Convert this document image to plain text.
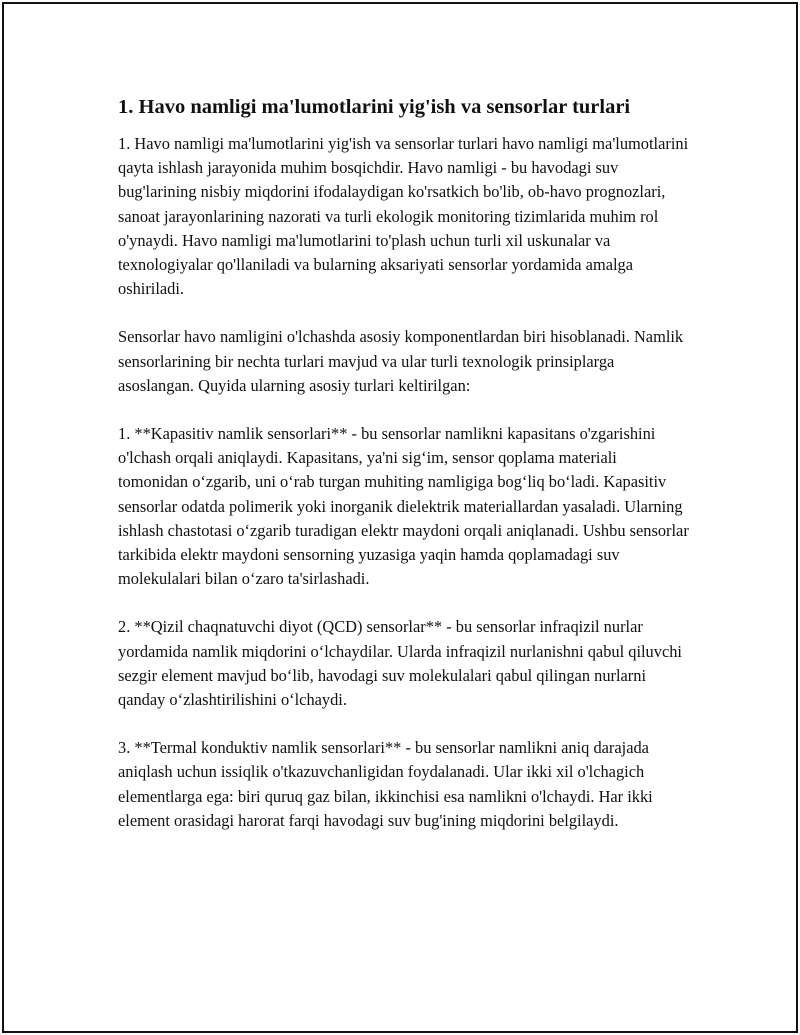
1. Havo namligi ma'lumotlarini yig'ish va sensorlar turlari

1. Havo namligi ma'lumotlarini yig'ish va sensorlar turlari havo namligi ma'lumotlarini qayta ishlash jarayonida muhim bosqichdir. Havo namligi - bu havodagi suv bug'larining nisbiy miqdorini ifodalaydigan ko'rsatkich bo'lib, ob-havo prognozlari, sanoat jarayonlarining nazorati va turli ekologik monitoring tizimlarida muhim rol o'ynaydi. Havo namligi ma'lumotlarini to'plash uchun turli xil uskunalar va texnologiyalar qo'llaniladi va bularning aksariyati sensorlar yordamida amalga oshiriladi.

Sensorlar havo namligini o'lchashda asosiy komponentlardan biri hisoblanadi. Namlik sensorlarining bir nechta turlari mavjud va ular turli texnologik prinsiplarga asoslangan. Quyida ularning asosiy turlari keltirilgan:

1. **Kapasitiv namlik sensorlari** - bu sensorlar namlikni kapasitans o'zgarishini o'lchash orqali aniqlaydi. Kapasitans, ya'ni sig‘im, sensor qoplama materiali tomonidan o‘zgarib, uni o‘rab turgan muhiting namligiga bog‘liq bo‘ladi. Kapasitiv sensorlar odatda polimerik yoki inorganik dielektrik materiallardan yasaladi. Ularning ishlash chastotasi o‘zgarib turadigan elektr maydoni orqali aniqlanadi. Ushbu sensorlar tarkibida elektr maydoni sensorning yuzasiga yaqin hamda qoplamadagi suv molekulalari bilan o‘zaro ta'sirlashadi.

2. **Qizil chaqnatuvchi diyot (QCD) sensorlar** - bu sensorlar infraqizil nurlar yordamida namlik miqdorini o‘lchaydilar. Ularda infraqizil nurlanishni qabul qiluvchi sezgir element mavjud bo‘lib, havodagi suv molekulalari qabul qilingan nurlarni qanday o‘zlashtirilishini o‘lchaydi.

3. **Termal konduktiv namlik sensorlari** - bu sensorlar namlikni aniq darajada aniqlash uchun issiqlik o'tkazuvchanligidan foydalanadi. Ular ikki xil o'lchagich elementlarga ega: biri quruq gaz bilan, ikkinchisi esa namlikni o'lchaydi. Har ikki element orasidagi harorat farqi havodagi suv bug'ining miqdorini belgilaydi.
